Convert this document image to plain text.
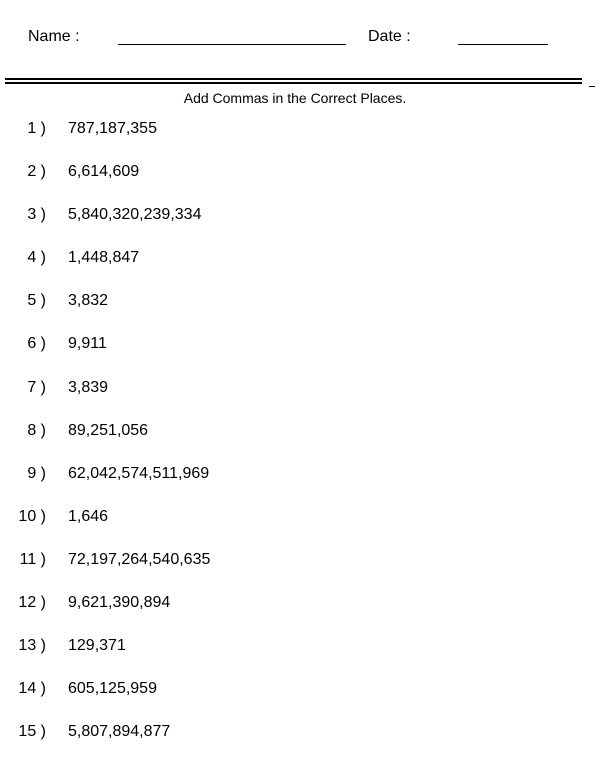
Name :	Date :
Add Commas in the Correct Places.
1 ) 787,187,355
2 ) 6,614,609
3 ) 5,840,320,239,334
4 ) 1,448,847
5 ) 3,832
6 ) 9,911
7 ) 3,839
8 ) 89,251,056
9 ) 62,042,574,511,969
10 ) 1,646
11 ) 72,197,264,540,635
12 ) 9,621,390,894
13 ) 129,371
14 ) 605,125,959
15 ) 5,807,894,877
